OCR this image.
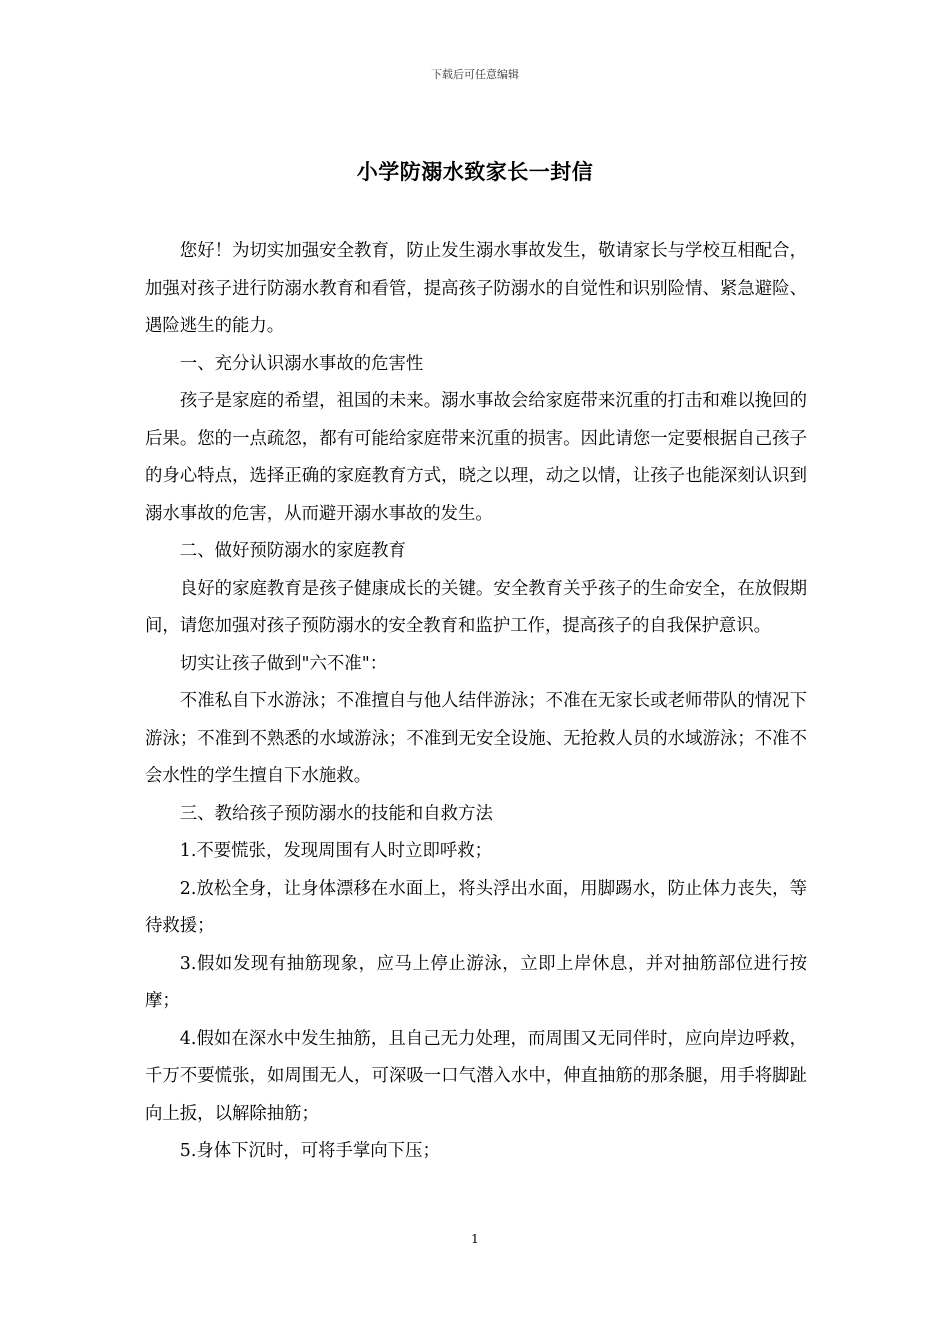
下载后可任意编辑
小学防溺水致家长一封信

您好！为切实加强安全教育，防止发生溺水事故发生，敬请家长与学校互相配合，加强对孩子进行防溺水教育和看管，提高孩子防溺水的自觉性和识别险情、紧急避险、遇险逃生的能力。

一、充分认识溺水事故的危害性

孩子是家庭的希望，祖国的未来。溺水事故会给家庭带来沉重的打击和难以挽回的后果。您的一点疏忽，都有可能给家庭带来沉重的损害。因此请您一定要根据自己孩子的身心特点，选择正确的家庭教育方式，晓之以理，动之以情，让孩子也能深刻认识到溺水事故的危害，从而避开溺水事故的发生。

二、做好预防溺水的家庭教育

良好的家庭教育是孩子健康成长的关键。安全教育关乎孩子的生命安全，在放假期间，请您加强对孩子预防溺水的安全教育和监护工作，提高孩子的自我保护意识。

切实让孩子做到"六不准"：

不准私自下水游泳；不准擅自与他人结伴游泳；不准在无家长或老师带队的情况下游泳；不准到不熟悉的水域游泳；不准到无安全设施、无抢救人员的水域游泳；不准不会水性的学生擅自下水施救。

三、教给孩子预防溺水的技能和自救方法

1.不要慌张，发现周围有人时立即呼救；

2.放松全身，让身体漂移在水面上，将头浮出水面，用脚踢水，防止体力丧失，等待救援；

3.假如发现有抽筋现象，应马上停止游泳，立即上岸休息，并对抽筋部位进行按摩；

4.假如在深水中发生抽筋，且自己无力处理，而周围又无同伴时，应向岸边呼救，千万不要慌张，如周围无人，可深吸一口气潜入水中，伸直抽筋的那条腿，用手将脚趾向上扳，以解除抽筋；

5.身体下沉时，可将手掌向下压；

1
